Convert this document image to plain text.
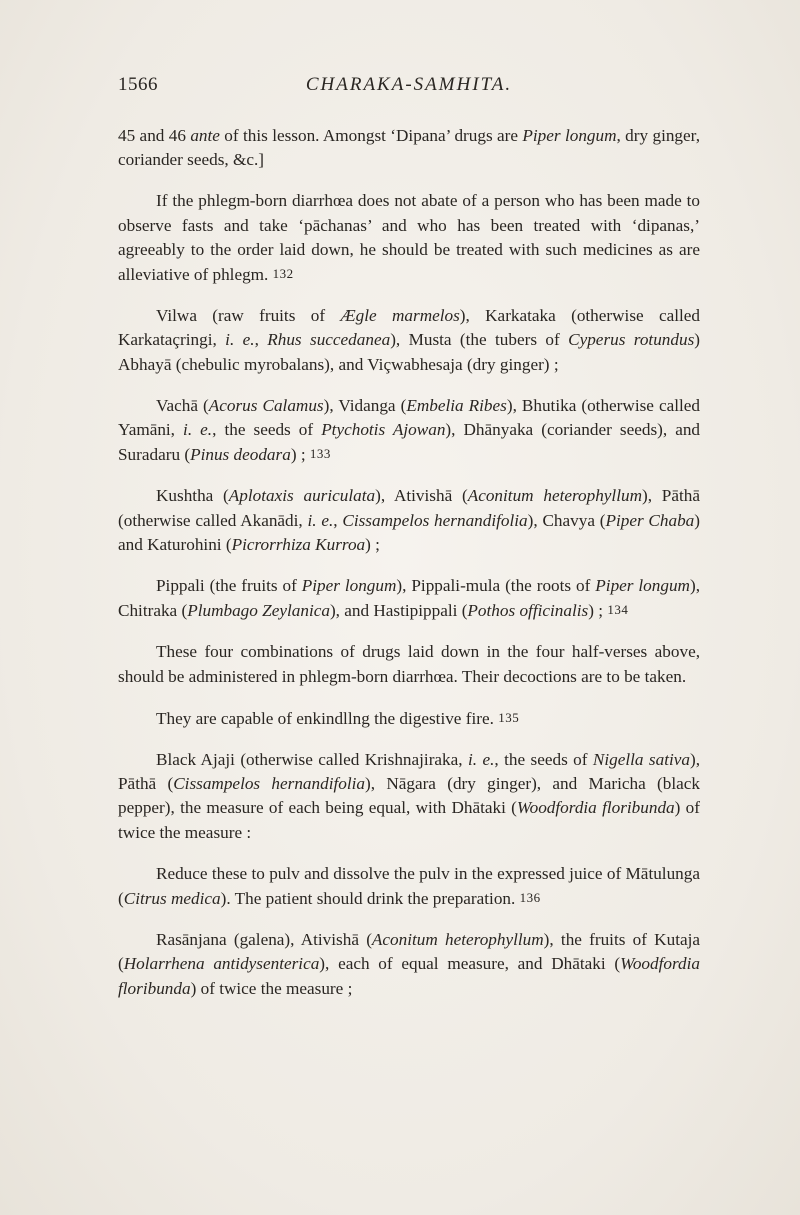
1566	CHARAKA-SAMHITA.

45 and 46 ante of this lesson. Amongst ‘Dipana’ drugs are Piper longum, dry ginger, coriander seeds, &c.]

If the phlegm-born diarrhœa does not abate of a person who has been made to observe fasts and take ‘pāchanas’ and who has been treated with ‘dipanas,’ agreeably to the order laid down, he should be treated with such medicines as are alleviative of phlegm. 132

Vilwa (raw fruits of Ægle marmelos), Karkataka (otherwise called Karkataçringi, i. e., Rhus succedanea), Musta (the tubers of Cyperus rotundus) Abhayā (chebulic myrobalans), and Viçwabhesaja (dry ginger) ;

Vachā (Acorus Calamus), Vidanga (Embelia Ribes), Bhutika (otherwise called Yamāni, i. e., the seeds of Ptychotis Ajowan), Dhānyaka (coriander seeds), and Suradaru (Pinus deodara) ; 133

Kushtha (Aplotaxis auriculata), Ativishā (Aconitum heterophyllum), Pāthā (otherwise called Akanādi, i. e., Cissampelos hernandifolia), Chavya (Piper Chaba) and Katurohini (Picrorrhiza Kurroa) ;

Pippali (the fruits of Piper longum), Pippali-mula (the roots of Piper longum), Chitraka (Plumbago Zeylanica), and Hastipippali (Pothos officinalis) ; 134

These four combinations of drugs laid down in the four half-verses above, should be administered in phlegm-born diarrhœa. Their decoctions are to be taken.

They are capable of enkindllng the digestive fire. 135

Black Ajaji (otherwise called Krishnajiraka, i. e., the seeds of Nigella sativa), Pāthā (Cissampelos hernandifolia), Nāgara (dry ginger), and Maricha (black pepper), the measure of each being equal, with Dhātaki (Woodfordia floribunda) of twice the measure :

Reduce these to pulv and dissolve the pulv in the expressed juice of Mātulunga (Citrus medica). The patient should drink the preparation. 136

Rasānjana (galena), Ativishā (Aconitum heterophyllum), the fruits of Kutaja (Holarrhena antidysenterica), each of equal measure, and Dhātaki (Woodfordia floribunda) of twice the measure ;
